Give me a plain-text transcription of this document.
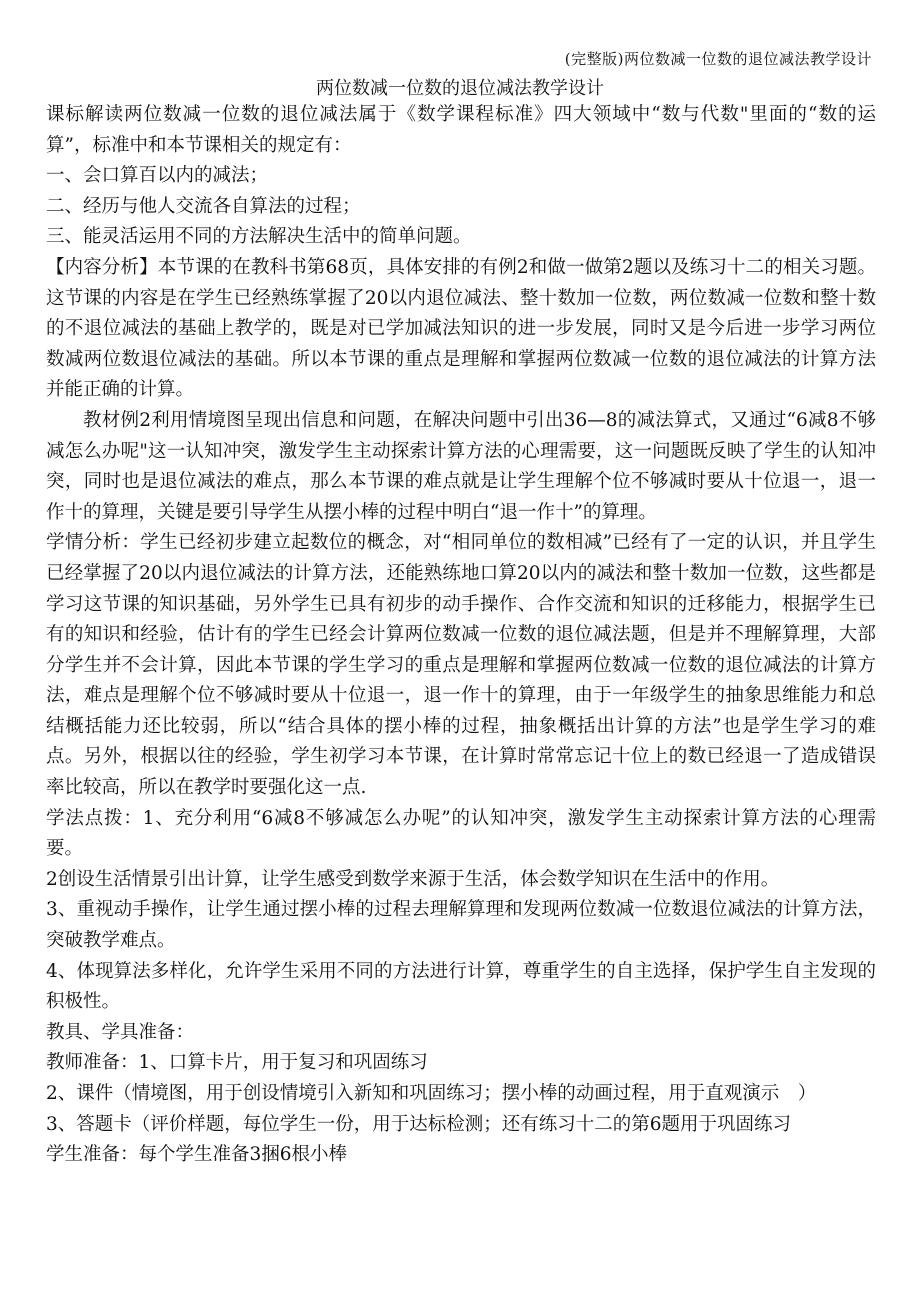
(完整版)两位数减一位数的退位减法教学设计
两位数减一位数的退位减法教学设计

课标解读两位数减一位数的退位减法属于《数学课程标准》四大领域中“数与代数"里面的“数的运算”，标准中和本节课相关的规定有：

一、会口算百以内的减法；

二、经历与他人交流各自算法的过程；

三、能灵活运用不同的方法解决生活中的简单问题。

【内容分析】本节课的在教科书第68页，具体安排的有例2和做一做第2题以及练习十二的相关习题。这节课的内容是在学生已经熟练掌握了20以内退位减法、整十数加一位数，两位数减一位数和整十数的不退位减法的基础上教学的，既是对已学加减法知识的进一步发展，同时又是今后进一步学习两位数减两位数退位减法的基础。所以本节课的重点是理解和掌握两位数减一位数的退位减法的计算方法并能正确的计算。

教材例2利用情境图呈现出信息和问题，在解决问题中引出36—8的减法算式，又通过“6减8不够减怎么办呢"这一认知冲突，激发学生主动探索计算方法的心理需要，这一问题既反映了学生的认知冲突，同时也是退位减法的难点，那么本节课的难点就是让学生理解个位不够减时要从十位退一，退一作十的算理，关键是要引导学生从摆小棒的过程中明白“退一作十”的算理。

学情分析：学生已经初步建立起数位的概念，对“相同单位的数相减”已经有了一定的认识，并且学生已经掌握了20以内退位减法的计算方法，还能熟练地口算20以内的减法和整十数加一位数，这些都是学习这节课的知识基础，另外学生已具有初步的动手操作、合作交流和知识的迁移能力，根据学生已有的知识和经验，估计有的学生已经会计算两位数减一位数的退位减法题，但是并不理解算理，大部分学生并不会计算，因此本节课的学生学习的重点是理解和掌握两位数减一位数的退位减法的计算方法，难点是理解个位不够减时要从十位退一，退一作十的算理，由于一年级学生的抽象思维能力和总结概括能力还比较弱，所以“结合具体的摆小棒的过程，抽象概括出计算的方法”也是学生学习的难点。另外，根据以往的经验，学生初学习本节课，在计算时常常忘记十位上的数已经退一了造成错误率比较高，所以在教学时要强化这一点.

学法点拨：1、充分利用“6减8不够减怎么办呢”的认知冲突，激发学生主动探索计算方法的心理需要。

2创设生活情景引出计算，让学生感受到数学来源于生活，体会数学知识在生活中的作用。

3、重视动手操作，让学生通过摆小棒的过程去理解算理和发现两位数减一位数退位减法的计算方法，突破教学难点。

4、体现算法多样化，允许学生采用不同的方法进行计算，尊重学生的自主选择，保护学生自主发现的积极性。

教具、学具准备：

教师准备：1、口算卡片，用于复习和巩固练习

2、课件（情境图，用于创设情境引入新知和巩固练习；摆小棒的动画过程，用于直观演示　）

3、答题卡（评价样题，每位学生一份，用于达标检测；还有练习十二的第6题用于巩固练习

学生准备：每个学生准备3捆6根小棒
